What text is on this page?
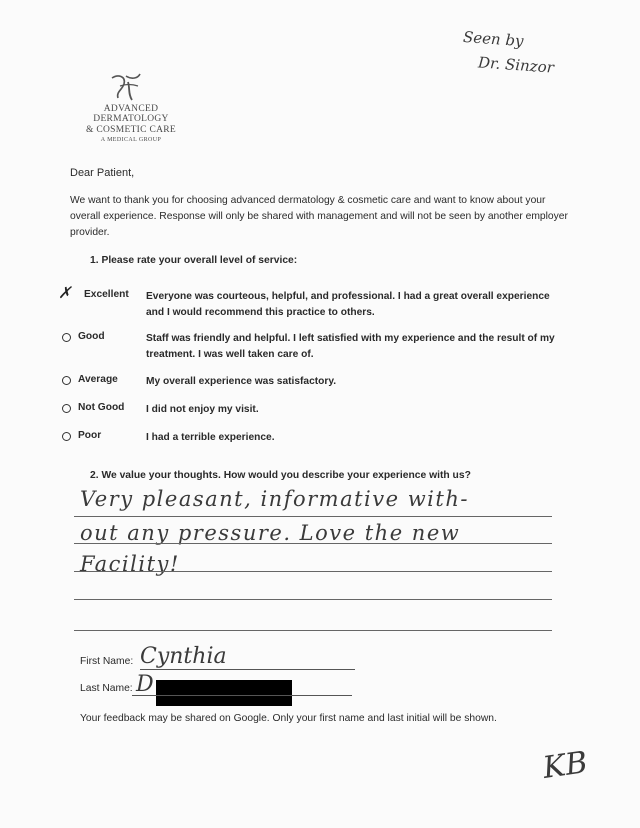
Seen by
Dr. Sinzor
ADVANCED DERMATOLOGY
& COSMETIC CARE
A MEDICAL GROUP
Dear Patient,
We want to thank you for choosing advanced dermatology & cosmetic care and want to know about your overall experience. Response will only be shared with management and will not be seen by another employer provider.
1. Please rate your overall level of service:
✗ Excellent Everyone was courteous, helpful, and professional. I had a great overall experience and I would recommend this practice to others.
Good	Staff was friendly and helpful. I left satisfied with my experience and the result of my treatment. I was well taken care of.
Average	My overall experience was satisfactory.
Not Good I did not enjoy my visit.
Poor	I had a terrible experience.
2. We value your thoughts. How would you describe your experience with us?
Very pleasant, informative with-
out any pressure. Love the new
Facility!
First Name: Cynthia
Last Name: D
Your feedback may be shared on Google. Only your first name and last initial will be shown.
KB
